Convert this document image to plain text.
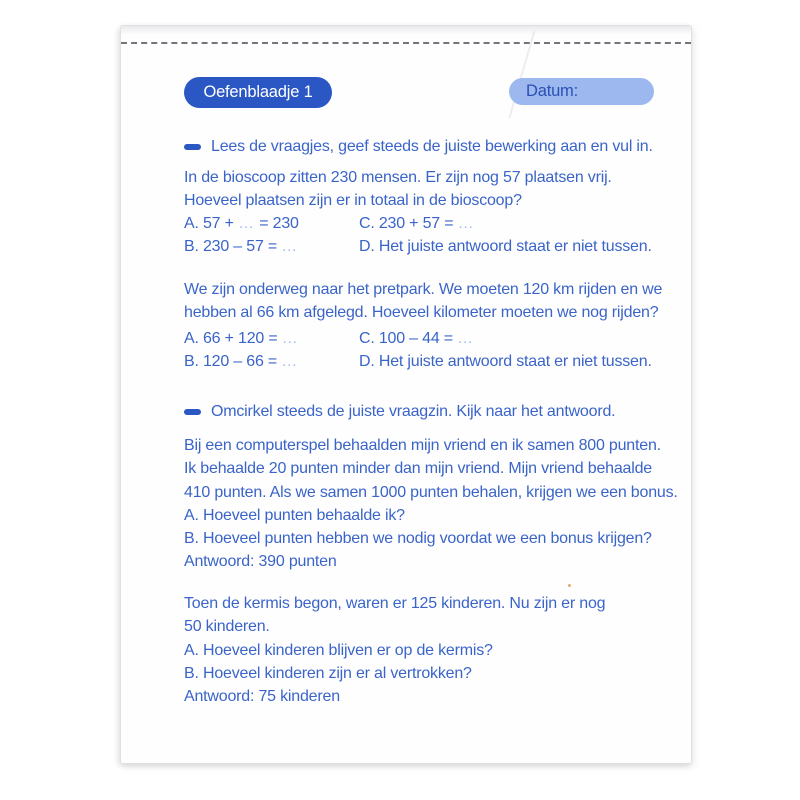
Oefenblaadje 1	Datum:
Lees de vraagjes, geef steeds de juiste bewerking aan en vul in.
In de bioscoop zitten 230 mensen. Er zijn nog 57 plaatsen vrij.
Hoeveel plaatsen zijn er in totaal in de bioscoop?
A. 57 + … = 230	C. 230 + 57 = …
B. 230 – 57 = …	D. Het juiste antwoord staat er niet tussen.
We zijn onderweg naar het pretpark. We moeten 120 km rijden en we
hebben al 66 km afgelegd. Hoeveel kilometer moeten we nog rijden?
A. 66 + 120 = …	C. 100 – 44 = …
B. 120 – 66 = …	D. Het juiste antwoord staat er niet tussen.
Omcirkel steeds de juiste vraagzin. Kijk naar het antwoord.
Bij een computerspel behaalden mijn vriend en ik samen 800 punten.
Ik behaalde 20 punten minder dan mijn vriend. Mijn vriend behaalde
410 punten. Als we samen 1000 punten behalen, krijgen we een bonus.
A. Hoeveel punten behaalde ik?
B. Hoeveel punten hebben we nodig voordat we een bonus krijgen?
Antwoord: 390 punten
Toen de kermis begon, waren er 125 kinderen. Nu zijn er nog
50 kinderen.
A. Hoeveel kinderen blijven er op de kermis?
B. Hoeveel kinderen zijn er al vertrokken?
Antwoord: 75 kinderen
